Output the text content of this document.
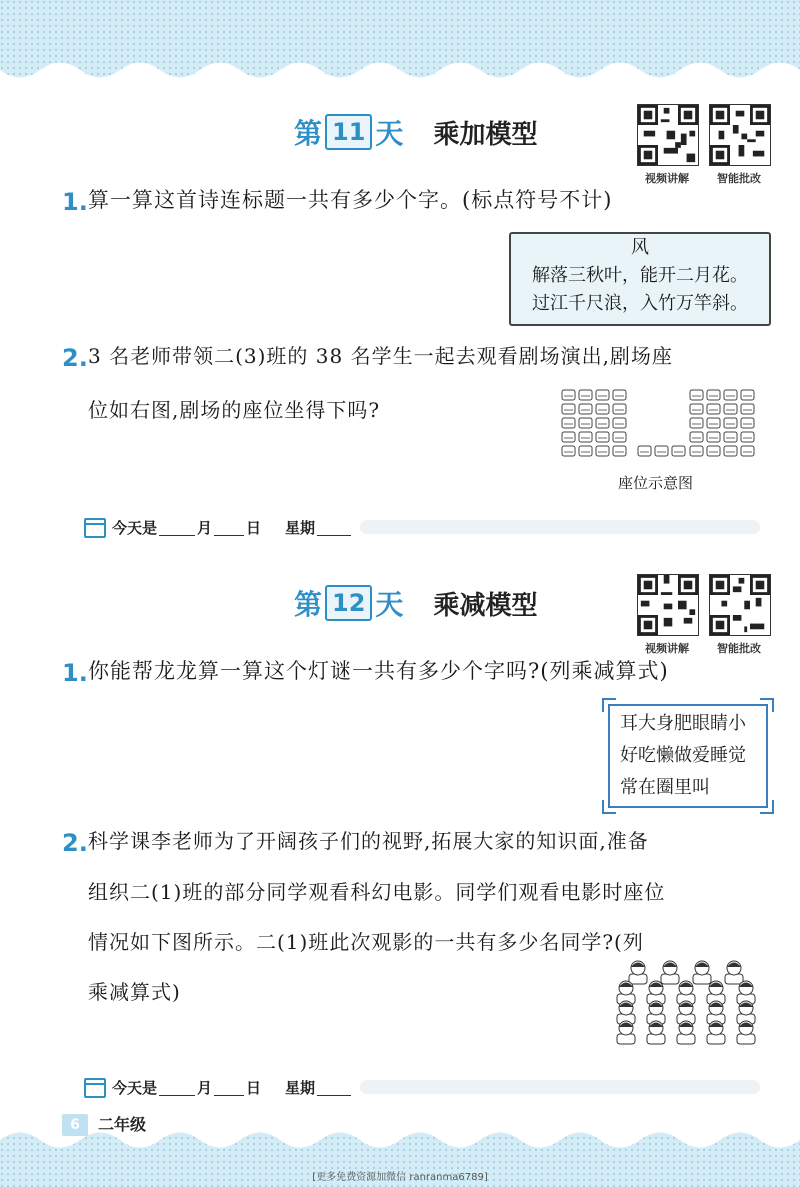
第 11 天 乘加模型
视频讲解	智能批改
1. 算一算这首诗连标题一共有多少个字。(标点符号不计)
风
解落三秋叶，能开二月花。
过江千尺浪，入竹万竿斜。
2. 3 名老师带领二(3)班的 38 名学生一起去观看剧场演出,剧场座
位如右图,剧场的座位坐得下吗?
座位示意图
今天是	月 日 星期
第 12 天 乘减模型
视频讲解	智能批改
1. 你能帮龙龙算一算这个灯谜一共有多少个字吗?(列乘减算式)
耳大身肥眼睛小
好吃懒做爱睡觉
常在圈里叫
2. 科学课李老师为了开阔孩子们的视野,拓展大家的知识面,准备
组织二(1)班的部分同学观看科幻电影。同学们观看电影时座位
情况如下图所示。二(1)班此次观影的一共有多少名同学?(列
乘减算式)
今天是	月 日 星期
6	二年级
[更多免费资源加微信 ranranma6789]
